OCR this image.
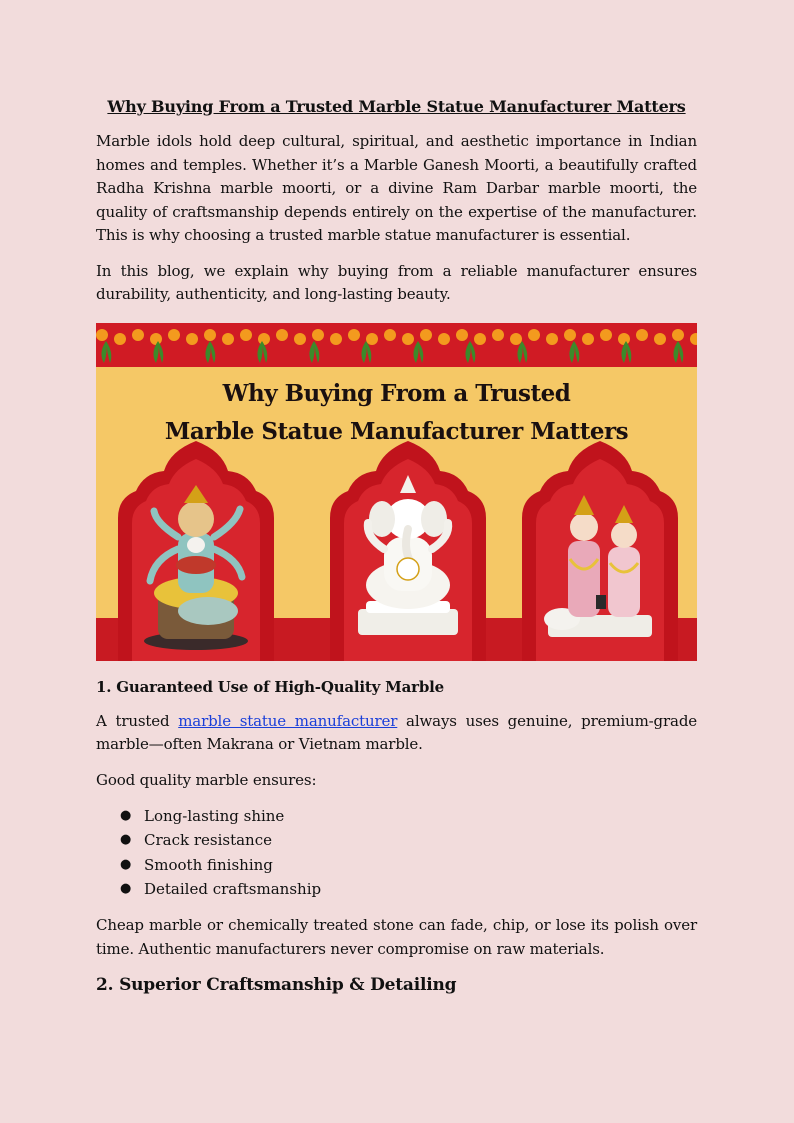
Why Buying From a Trusted Marble Statue Manufacturer Matters

Marble idols hold deep cultural, spiritual, and aesthetic importance in Indian homes and temples. Whether it’s a Marble Ganesh Moorti, a beautifully crafted Radha Krishna marble moorti, or a divine Ram Darbar marble moorti, the quality of craftsmanship depends entirely on the expertise of the manufacturer. This is why choosing a trusted marble statue manufacturer is essential.

In this blog, we explain why buying from a reliable manufacturer ensures durability, authenticity, and long-lasting beauty.

Why Buying From a Trusted
Marble Statue Manufacturer Matters
1. Guaranteed Use of High-Quality Marble

A trusted marble statue manufacturer always uses genuine, premium-grade marble—often Makrana or Vietnam marble.

Good quality marble ensures:

● Long-lasting shine
● Crack resistance
● Smooth finishing
● Detailed craftsmanship

Cheap marble or chemically treated stone can fade, chip, or lose its polish over time. Authentic manufacturers never compromise on raw materials.

2. Superior Craftsmanship & Detailing
